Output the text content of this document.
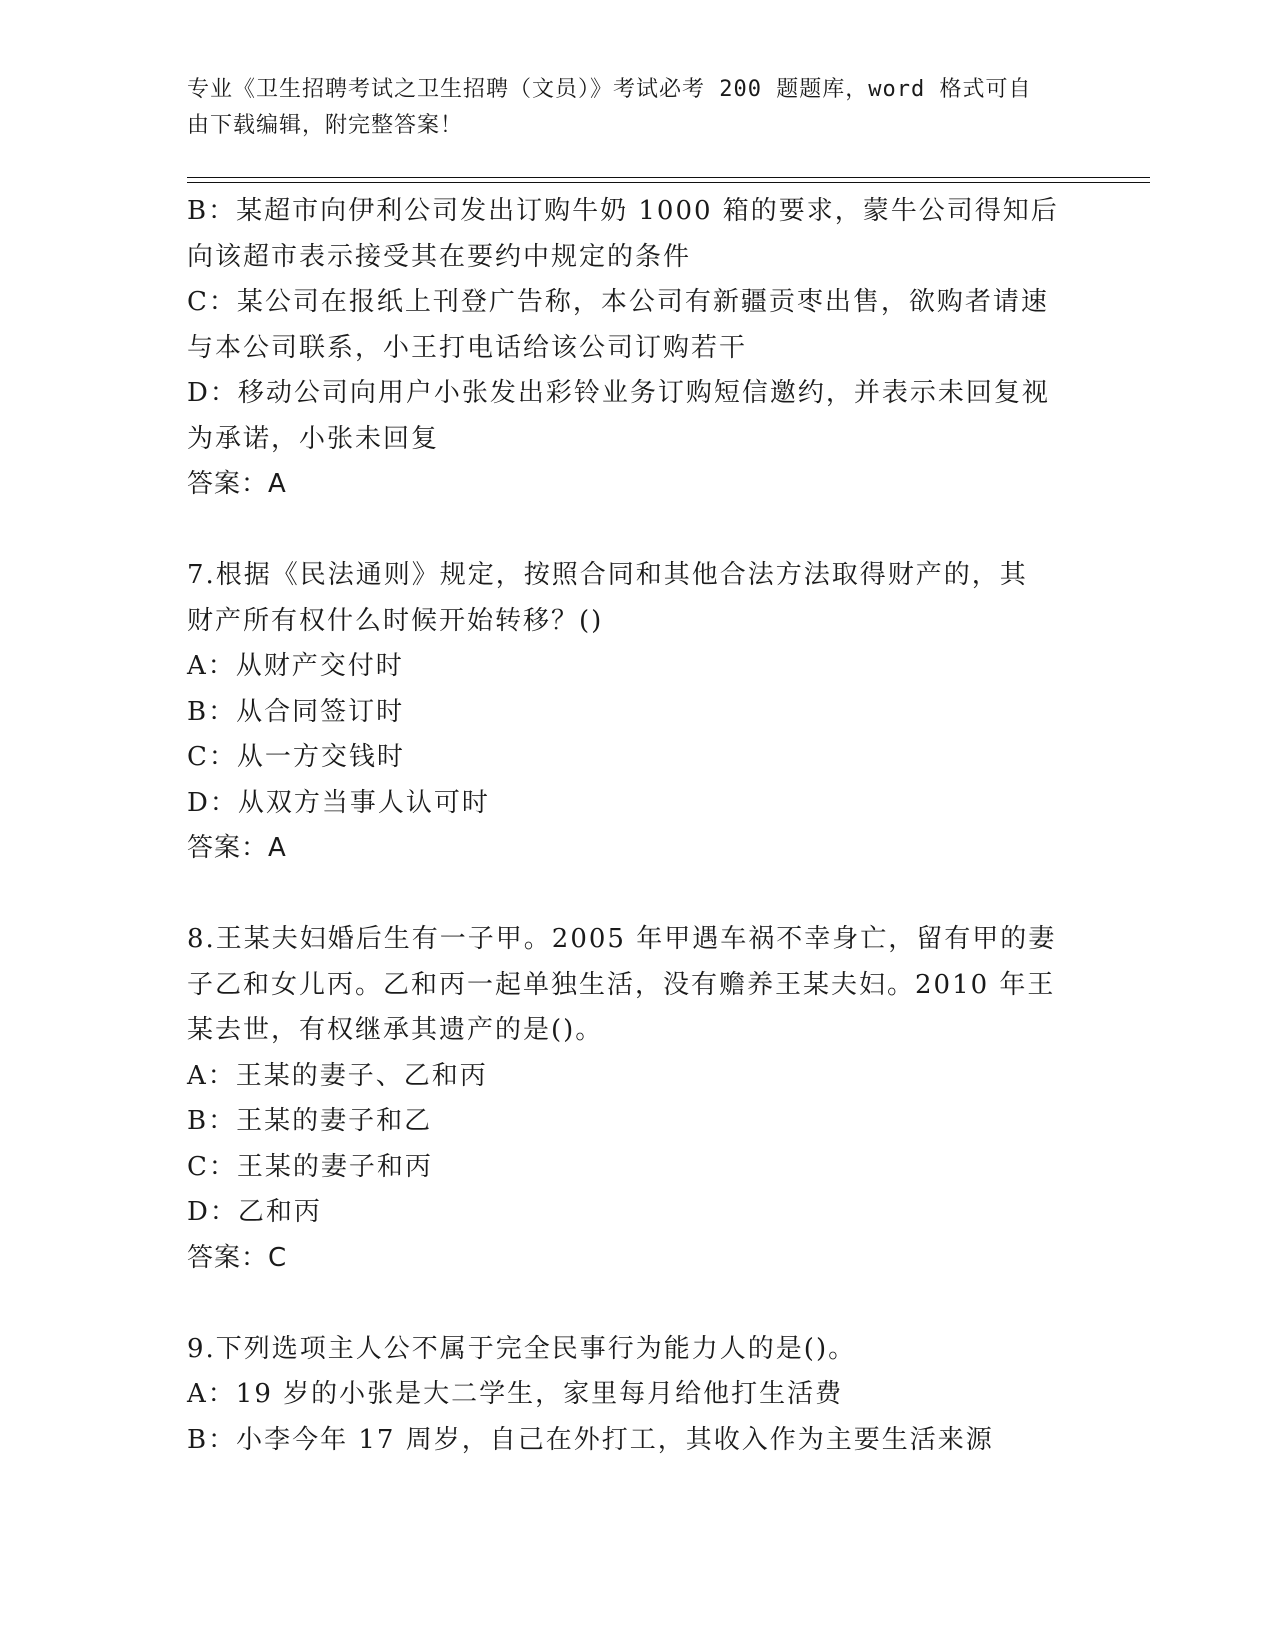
专业《卫生招聘考试之卫生招聘（文员）》考试必考 200 题题库，word 格式可自
由下载编辑，附完整答案！
B：某超市向伊利公司发出订购牛奶 1000 箱的要求，蒙牛公司得知后
向该超市表示接受其在要约中规定的条件
C：某公司在报纸上刊登广告称，本公司有新疆贡枣出售，欲购者请速
与本公司联系，小王打电话给该公司订购若干
D：移动公司向用户小张发出彩铃业务订购短信邀约，并表示未回复视
为承诺，小张未回复
答案：A
7.根据《民法通则》规定，按照合同和其他合法方法取得财产的，其
财产所有权什么时候开始转移？()
A：从财产交付时
B：从合同签订时
C：从一方交钱时
D：从双方当事人认可时
答案：A
8.王某夫妇婚后生有一子甲。2005 年甲遇车祸不幸身亡，留有甲的妻
子乙和女儿丙。乙和丙一起单独生活，没有赡养王某夫妇。2010 年王
某去世，有权继承其遗产的是()。
A：王某的妻子、乙和丙
B：王某的妻子和乙
C：王某的妻子和丙
D：乙和丙
答案：C
9.下列选项主人公不属于完全民事行为能力人的是()。
A：19 岁的小张是大二学生，家里每月给他打生活费
B：小李今年 17 周岁，自己在外打工，其收入作为主要生活来源
